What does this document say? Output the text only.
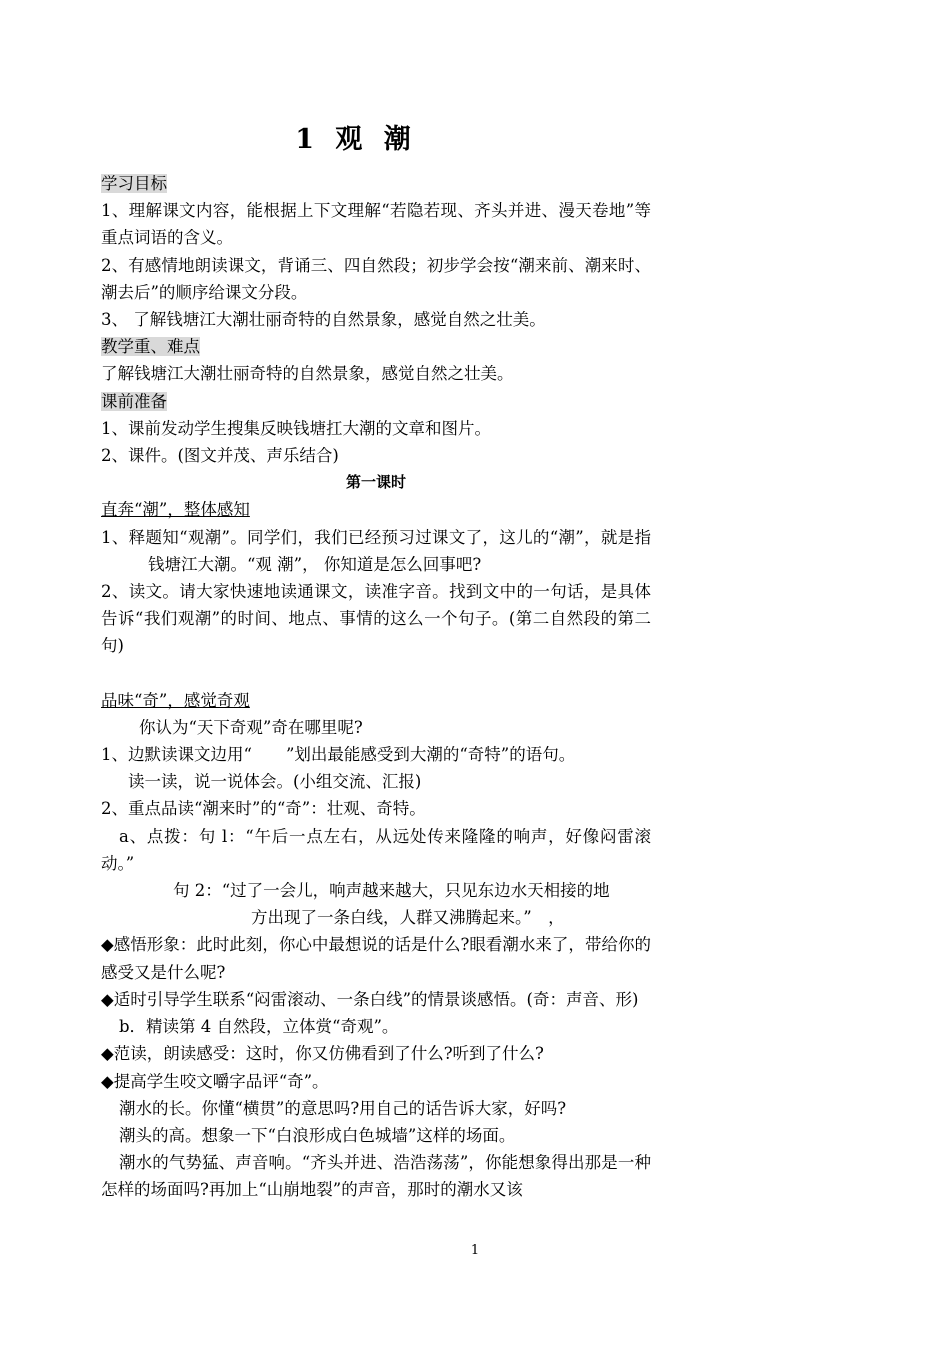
1 观 潮

学习目标

1、理解课文内容，能根据上下文理解“若隐若现、齐头并进、漫天卷地”等重点词语的含义。

2、有感情地朗读课文，背诵三、四自然段；初步学会按“潮来前、潮来时、潮去后”的顺序给课文分段。

3、 了解钱塘江大潮壮丽奇特的自然景象，感觉自然之壮美。

教学重、难点

了解钱塘江大潮壮丽奇特的自然景象，感觉自然之壮美。

课前准备

1、课前发动学生搜集反映钱塘扛大潮的文章和图片。

2、课件。(图文并茂、声乐结合)

第一课时

直奔“潮”，整体感知

1、释题知“观潮”。同学们，我们已经预习过课文了，这儿的“潮”，就是指钱塘江大潮。“观 潮”， 你知道是怎么回事吧?

2、读文。请大家快速地读通课文，读准字音。找到文中的一句话，是具体告诉“我们观潮”的时间、地点、事情的这么一个句子。(第二自然段的第二句)

品味“奇”，感觉奇观

你认为“天下奇观”奇在哪里呢?

1、边默读课文边用“ ”划出最能感受到大潮的“奇特”的语句。

读一读，说一说体会。(小组交流、汇报)

2、重点品读“潮来时”的“奇”：壮观、奇特。

a、点拨：句 l：“午后一点左右，从远处传来隆隆的响声，好像闷雷滚动。”

句 2：“过了一会儿，响声越来越大，只见东边水天相接的地

方出现了一条白线，人群又沸腾起来。”　，

◆感悟形象：此时此刻，你心中最想说的话是什么?眼看潮水来了，带给你的感受又是什么呢?

◆适时引导学生联系“闷雷滚动、一条白线”的情景谈感悟。(奇：声音、形)

b．精读第 4 自然段，立体赏“奇观”。

◆范读，朗读感受：这时，你又仿佛看到了什么?听到了什么?

◆提高学生咬文嚼字品评“奇”。

潮水的长。你懂“横贯”的意思吗?用自己的话告诉大家，好吗?

潮头的高。想象一下“白浪形成白色城墙”这样的场面。

潮水的气势猛、声音响。“齐头并进、浩浩荡荡”，你能想象得出那是一种怎样的场面吗?再加上“山崩地裂”的声音，那时的潮水又该

1
